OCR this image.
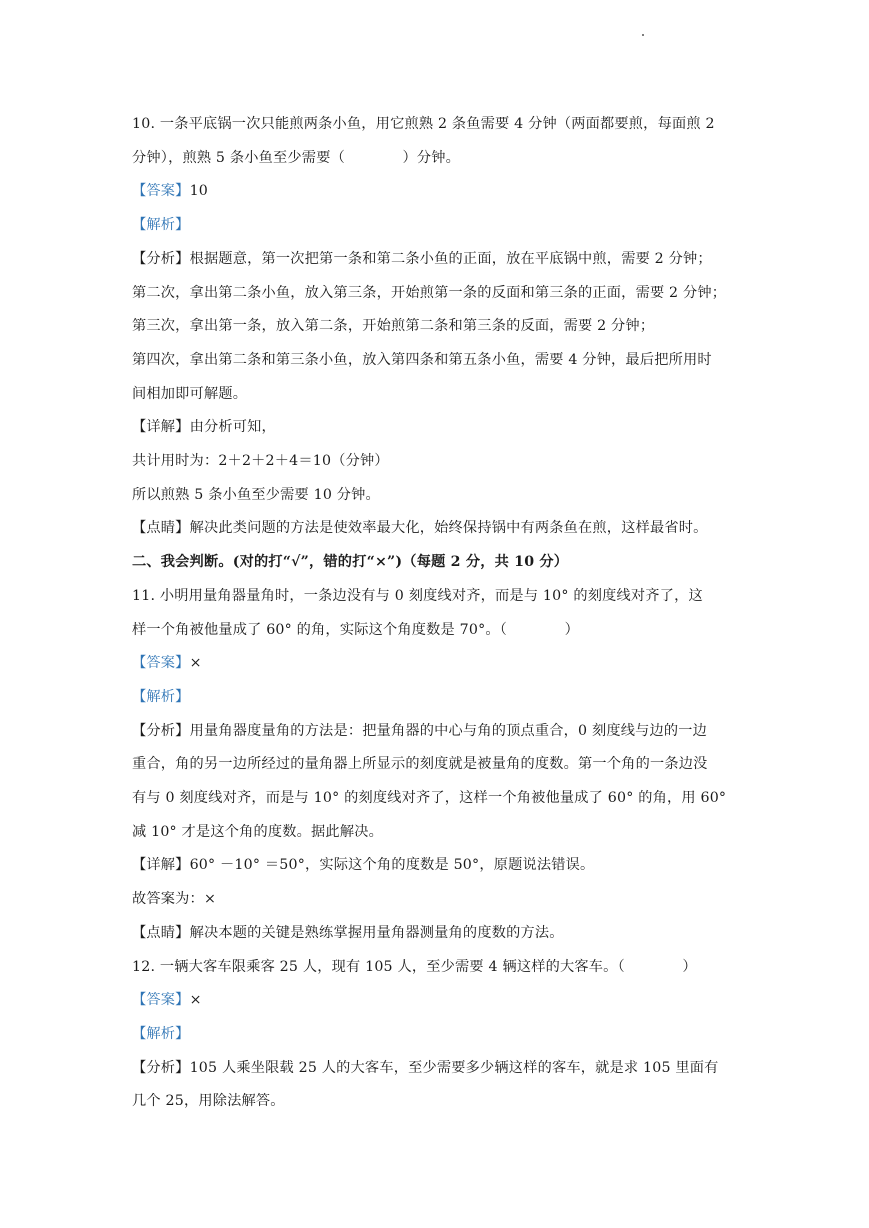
10. 一条平底锅一次只能煎两条小鱼，用它煎熟 2 条鱼需要 4 分钟（两面都要煎，每面煎 2
分钟），煎熟 5 条小鱼至少需要（　　　　）分钟。
【答案】10
【解析】
【分析】根据题意，第一次把第一条和第二条小鱼的正面，放在平底锅中煎，需要 2 分钟；
第二次，拿出第二条小鱼，放入第三条，开始煎第一条的反面和第三条的正面，需要 2 分钟；
第三次，拿出第一条，放入第二条，开始煎第二条和第三条的反面，需要 2 分钟；
第四次，拿出第二条和第三条小鱼，放入第四条和第五条小鱼，需要 4 分钟，最后把所用时
间相加即可解题。
【详解】由分析可知，
共计用时为：2＋2＋2＋4＝10（分钟）
所以煎熟 5 条小鱼至少需要 10 分钟。
【点睛】解决此类问题的方法是使效率最大化，始终保持锅中有两条鱼在煎，这样最省时。
二、我会判断。(对的打“√”，错的打“×”)（每题 2 分，共 10 分）
11. 小明用量角器量角时，一条边没有与 0 刻度线对齐，而是与 10° 的刻度线对齐了，这
样一个角被他量成了 60° 的角，实际这个角度数是 70°。（　　　　）
【答案】×
【解析】
【分析】用量角器度量角的方法是：把量角器的中心与角的顶点重合，0 刻度线与边的一边
重合，角的另一边所经过的量角器上所显示的刻度就是被量角的度数。第一个角的一条边没
有与 0 刻度线对齐，而是与 10° 的刻度线对齐了，这样一个角被他量成了 60° 的角，用 60°
减 10° 才是这个角的度数。据此解决。
【详解】60° －10° ＝50°，实际这个角的度数是 50°，原题说法错误。
故答案为：×
【点睛】解决本题的关键是熟练掌握用量角器测量角的度数的方法。
12. 一辆大客车限乘客 25 人，现有 105 人，至少需要 4 辆这样的大客车。（　　　　）
【答案】×
【解析】
【分析】105 人乘坐限载 25 人的大客车，至少需要多少辆这样的客车，就是求 105 里面有
几个 25，用除法解答。
